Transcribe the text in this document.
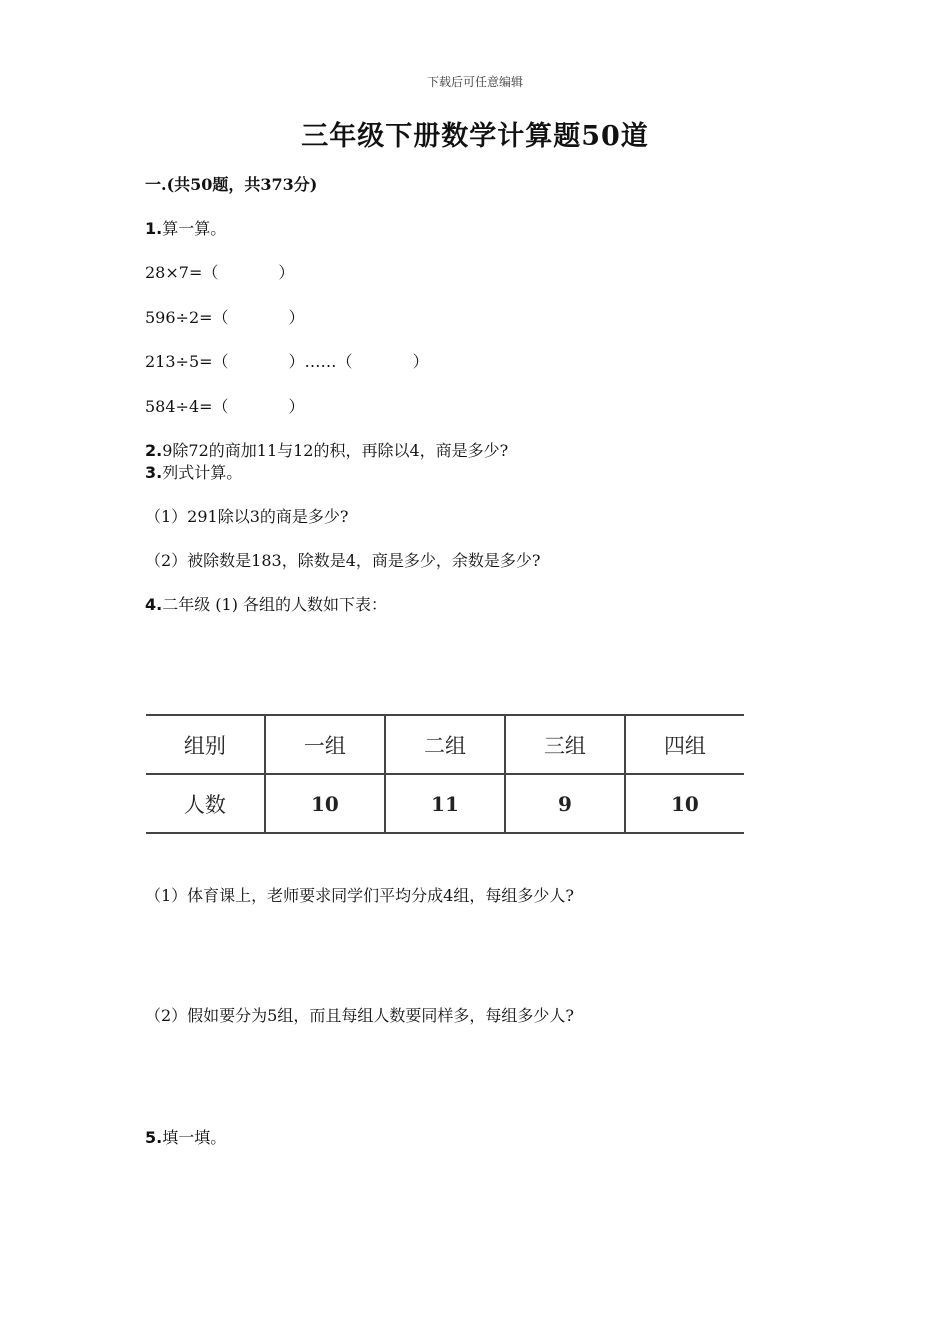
下载后可任意编辑
三年级下册数学计算题50道
一.(共50题，共373分)
1.算一算。
28×7=（	）
596÷2=（	）
213÷5=（	）……（	）
584÷4=（	）
2.9除72的商加11与12的积，再除以4，商是多少?
3.列式计算。
（1）291除以3的商是多少?
（2）被除数是183，除数是4，商是多少，余数是多少?
4.二年级 (1) 各组的人数如下表：
组别	一组	二组	三组	四组
人数	10	11	9	10
（1）体育课上，老师要求同学们平均分成4组，每组多少人?
（2）假如要分为5组，而且每组人数要同样多，每组多少人?
5.填一填。
